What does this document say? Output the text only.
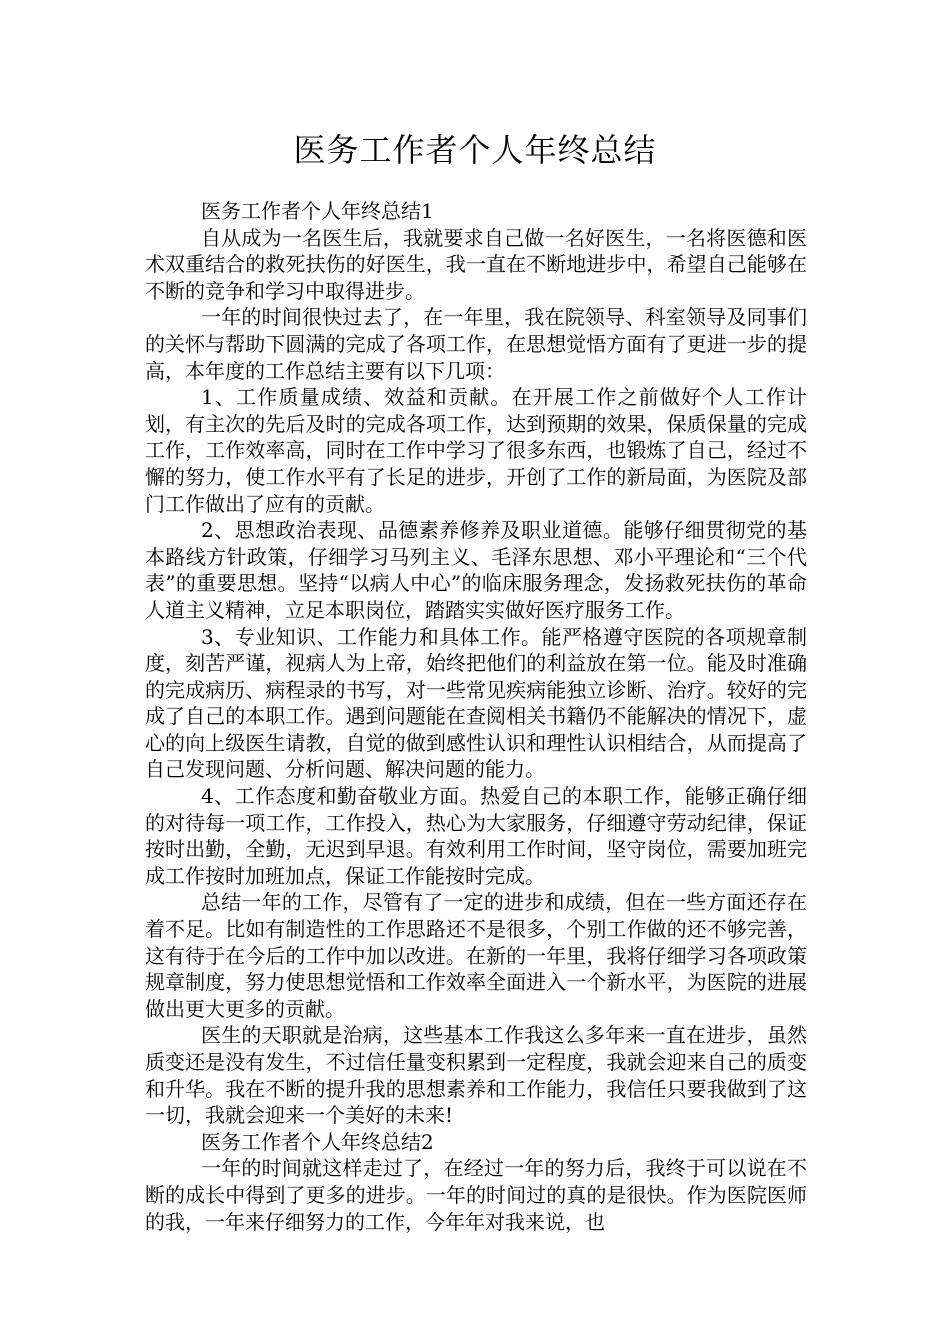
医务工作者个人年终总结

医务工作者个人年终总结1

自从成为一名医生后，我就要求自己做一名好医生，一名将医德和医术双重结合的救死扶伤的好医生，我一直在不断地进步中，希望自己能够在不断的竞争和学习中取得进步。

一年的时间很快过去了，在一年里，我在院领导、科室领导及同事们的关怀与帮助下圆满的完成了各项工作，在思想觉悟方面有了更进一步的提高，本年度的工作总结主要有以下几项：

1、工作质量成绩、效益和贡献。在开展工作之前做好个人工作计划，有主次的先后及时的完成各项工作，达到预期的效果，保质保量的完成工作，工作效率高，同时在工作中学习了很多东西，也锻炼了自己，经过不懈的努力，使工作水平有了长足的进步，开创了工作的新局面，为医院及部门工作做出了应有的贡献。

2、思想政治表现、品德素养修养及职业道德。能够仔细贯彻党的基本路线方针政策，仔细学习马列主义、毛泽东思想、邓小平理论和“三个代表”的重要思想。坚持“以病人中心”的临床服务理念，发扬救死扶伤的革命人道主义精神，立足本职岗位，踏踏实实做好医疗服务工作。

3、专业知识、工作能力和具体工作。能严格遵守医院的各项规章制度，刻苦严谨，视病人为上帝，始终把他们的利益放在第一位。能及时准确的完成病历、病程录的书写，对一些常见疾病能独立诊断、治疗。较好的完成了自己的本职工作。遇到问题能在查阅相关书籍仍不能解决的情况下，虚心的向上级医生请教，自觉的做到感性认识和理性认识相结合，从而提高了自己发现问题、分析问题、解决问题的能力。

4、工作态度和勤奋敬业方面。热爱自己的本职工作，能够正确仔细的对待每一项工作，工作投入，热心为大家服务，仔细遵守劳动纪律，保证按时出勤，全勤，无迟到早退。有效利用工作时间，坚守岗位，需要加班完成工作按时加班加点，保证工作能按时完成。

总结一年的工作，尽管有了一定的进步和成绩，但在一些方面还存在着不足。比如有制造性的工作思路还不是很多，个别工作做的还不够完善，这有待于在今后的工作中加以改进。在新的一年里，我将仔细学习各项政策规章制度，努力使思想觉悟和工作效率全面进入一个新水平，为医院的进展做出更大更多的贡献。

医生的天职就是治病，这些基本工作我这么多年来一直在进步，虽然质变还是没有发生，不过信任量变积累到一定程度，我就会迎来自己的质变和升华。我在不断的提升我的思想素养和工作能力，我信任只要我做到了这一切，我就会迎来一个美好的未来!

医务工作者个人年终总结2

一年的时间就这样走过了，在经过一年的努力后，我终于可以说在不断的成长中得到了更多的进步。一年的时间过的真的是很快。作为医院医师的我，一年来仔细努力的工作，今年年对我来说，也
